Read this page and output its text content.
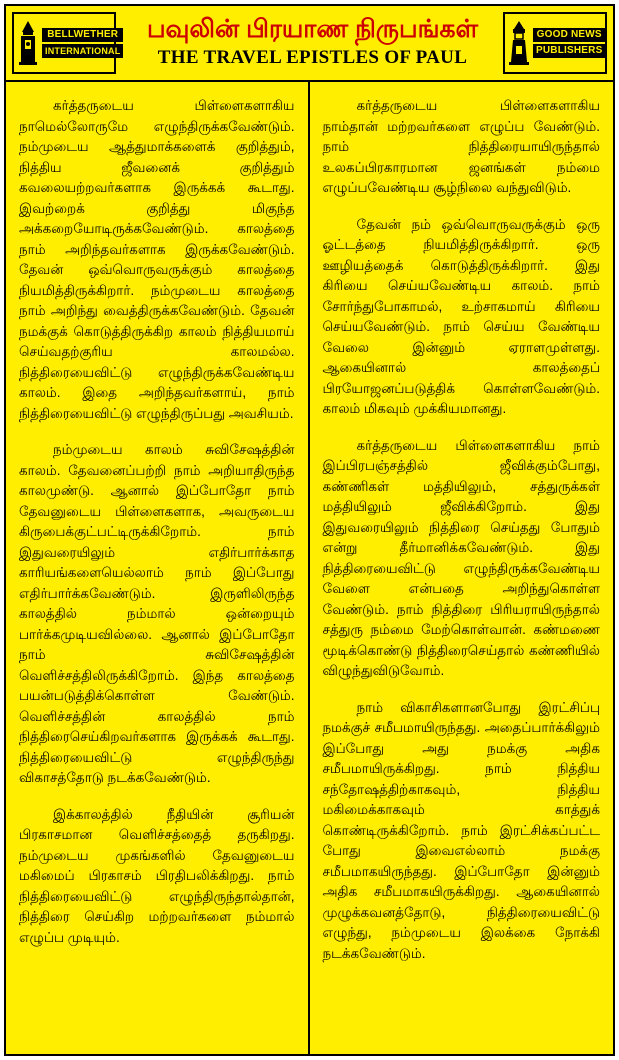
BELLWETHER
INTERNATIONAL
பவுலின் பிரயாண நிருபங்கள்
THE TRAVEL EPISTLES OF PAUL
GOOD NEWS
PUBLISHERS

கர்த்தருடைய பிள்ளைகளாகிய நாமெல்லோருமே எழுந்திருக்கவேண்டும். நம்முடைய ஆத்துமாக்களைக் குறித்தும், நித்திய ஜீவனைக் குறித்தும் கவலையற்றவர்களாக இருக்கக் கூடாது. இவற்றைக் குறித்து மிகுந்த அக்கறையோடிருக்கவேண்டும். காலத்தை நாம் அறிந்தவர்களாக இருக்கவேண்டும். தேவன் ஒவ்வொருவருக்கும் காலத்தை நியமித்திருக்கிறார். நம்முடைய காலத்தை நாம் அறிந்து வைத்திருக்கவேண்டும். தேவன் நமக்குக் கொடுத்திருக்கிற காலம் நித்தியமாய் செய்வதற்குரிய காலமல்ல. நித்திரையைவிட்டு எழுந்திருக்கவேண்டிய காலம். இதை அறிந்தவர்களாய், நாம் நித்திரையைவிட்டு எழுந்திருப்பது அவசியம்.

நம்முடைய காலம் சுவிசேஷத்தின் காலம். தேவனைப்பற்றி நாம் அறியாதிருந்த காலமுண்டு. ஆனால் இப்போதோ நாம் தேவனுடைய பிள்ளைகளாக, அவருடைய கிருபைக்குட்பட்டிருக்கிறோம். நாம் இதுவரையிலும் எதிர்பார்க்காத காரியங்களையெல்லாம் நாம் இப்போது எதிர்பார்க்கவேண்டும். இருளிலிருந்த காலத்தில் நம்மால் ஒன்றையும் பார்க்கமுடியவில்லை. ஆனால் இப்போதோ நாம் சுவிசேஷத்தின் வெளிச்சத்திலிருக்கிறோம். இந்த காலத்தை பயன்படுத்திக்கொள்ள வேண்டும். வெளிச்சத்தின் காலத்தில் நாம் நித்திரைசெய்கிறவர்களாக இருக்கக் கூடாது. நித்திரையைவிட்டு எழுந்திருந்து விகாசத்தோடு நடக்கவேண்டும்.

இக்காலத்தில் நீதியின் சூரியன் பிரகாசமான வெளிச்சத்தைத் தருகிறது. நம்முடைய முகங்களில் தேவனுடைய மகிமைப் பிரகாசம் பிரதிபலிக்கிறது. நாம் நித்திரையைவிட்டு எழுந்திருந்தால்தான், நித்திரை செய்கிற மற்றவர்களை நம்மால் எழுப்ப முடியும்.

கர்த்தருடைய பிள்ளைகளாகிய நாம்தான் மற்றவர்களை எழுப்ப வேண்டும். நாம் நித்திரையாயிருந்தால் உலகப்பிரகாரமான ஜனங்கள் நம்மை எழுப்பவேண்டிய சூழ்நிலை வந்துவிடும்.

தேவன் நம் ஒவ்வொருவருக்கும் ஒரு ஓட்டத்தை நியமித்திருக்கிறார். ஒரு ஊழியத்தைக் கொடுத்திருக்கிறார். இது கிரியை செய்யவேண்டிய காலம். நாம் சோர்ந்துபோகாமல், உற்சாகமாய் கிரியை செய்யவேண்டும். நாம் செய்ய வேண்டிய வேலை இன்னும் ஏராளமுள்ளது. ஆகையினால் காலத்தைப் பிரயோஜனப்படுத்திக் கொள்ளவேண்டும். காலம் மிகவும் முக்கியமானது.

கர்த்தருடைய பிள்ளைகளாகிய நாம் இப்பிரபஞ்சத்தில் ஜீவிக்கும்போது, கண்ணிகள் மத்தியிலும், சத்துருக்கள் மத்தியிலும் ஜீவிக்கிறோம். இது இதுவரையிலும் நித்திரை செய்தது போதும் என்று தீர்மானிக்கவேண்டும். இது நித்திரையைவிட்டு எழுந்திருக்கவேண்டிய வேளை என்பதை அறிந்துகொள்ள வேண்டும். நாம் நித்திரை பிரியராயிருந்தால் சத்துரு நம்மை மேற்கொள்வான். கண்மணை மூடிக்கொண்டு நித்திரைசெய்தால் கண்ணியில் விழுந்துவிடுவோம்.

நாம் விகாசிகளானபோது இரட்சிப்பு நமக்குச் சமீபமாயிருந்தது. அதைப்பார்க்கிலும் இப்போது அது நமக்கு அதிக சமீபமாயிருக்கிறது. நாம் நித்திய சந்தோஷத்திற்காகவும், நித்திய மகிமைக்காகவும் காத்துக் கொண்டிருக்கிறோம். நாம் இரட்சிக்கப்பட்ட போது இவைஎல்லாம் நமக்கு சமீபமாகயிருந்தது. இப்போதோ இன்னும் அதிக சமீபமாகயிருக்கிறது. ஆகையினால் முழுக்கவனத்தோடு, நித்திரையைவிட்டு எழுந்து, நம்முடைய இலக்கை நோக்கி நடக்கவேண்டும்.
